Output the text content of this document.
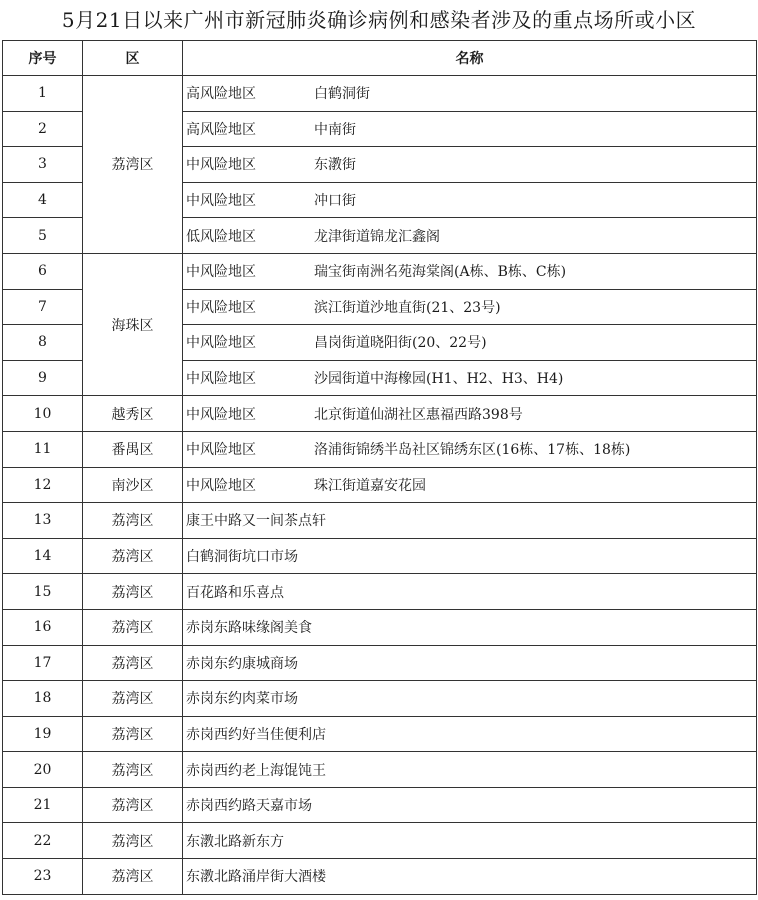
5月21日以来广州市新冠肺炎确诊病例和感染者涉及的重点场所或小区
序号	区	名称
1	荔湾区	高风险地区 白鹤洞街
2		高风险地区 中南街
3		中风险地区 东漖街
4		中风险地区 冲口街
5		低风险地区 龙津街道锦龙汇鑫阁
6	海珠区	中风险地区 瑞宝街南洲名苑海棠阁(A栋、B栋、C栋)
7		中风险地区 滨江街道沙地直街(21、23号)
8		中风险地区 昌岗街道晓阳街(20、22号)
9		中风险地区 沙园街道中海橡园(H1、H2、H3、H4)
10	越秀区	中风险地区 北京街道仙湖社区惠福西路398号
11	番禺区	中风险地区 洛浦街锦绣半岛社区锦绣东区(16栋、17栋、18栋)
12	南沙区	中风险地区 珠江街道嘉安花园
13	荔湾区	康王中路又一间茶点轩
14	荔湾区	白鹤洞街坑口市场
15	荔湾区	百花路和乐喜点
16	荔湾区	赤岗东路味缘阁美食
17	荔湾区	赤岗东约康城商场
18	荔湾区	赤岗东约肉菜市场
19	荔湾区	赤岗西约好当佳便利店
20	荔湾区	赤岗西约老上海馄饨王
21	荔湾区	赤岗西约路天嘉市场
22	荔湾区	东漖北路新东方
23	荔湾区	东漖北路涌岸街大酒楼
